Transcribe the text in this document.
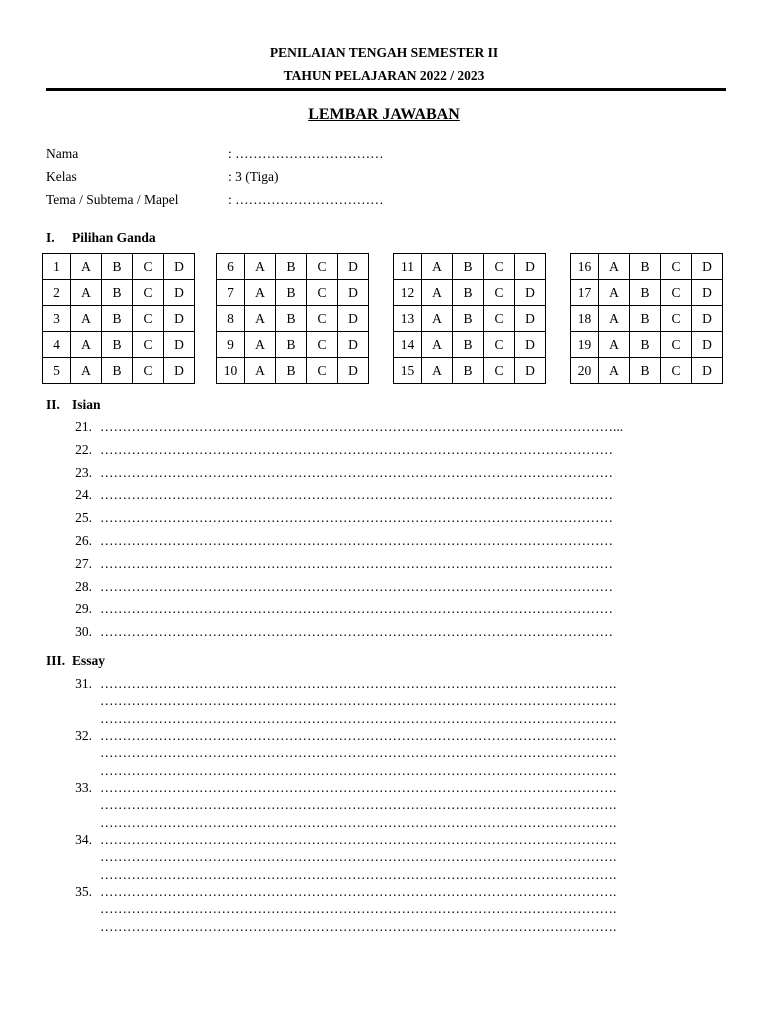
PENILAIAN TENGAH SEMESTER II
TAHUN PELAJARAN 2022 / 2023
LEMBAR JAWABAN
Nama	: ……………………………
Kelas	: 3 (Tiga)
Tema / Subtema / Mapel	: ……………………………
I. Pilihan Ganda
1	A	B	C	D
2	A	B	C	D
3	A	B	C	D
4	A	B	C	D
5	A	B	C	D
6	A	B	C	D
7	A	B	C	D
8	A	B	C	D
9	A	B	C	D
10	A	B	C	D
11	A	B	C	D
12	A	B	C	D
13	A	B	C	D
14	A	B	C	D
15	A	B	C	D
16	A	B	C	D
17	A	B	C	D
18	A	B	C	D
19	A	B	C	D
20	A	B	C	D
II. Isian
21. ……………………………………………………………………………………………………...
22. ……………………………………………………………………………………………………
23. ……………………………………………………………………………………………………
24. ……………………………………………………………………………………………………
25. ……………………………………………………………………………………………………
26. ……………………………………………………………………………………………………
27. ……………………………………………………………………………………………………
28. ……………………………………………………………………………………………………
29. ……………………………………………………………………………………………………
30. ……………………………………………………………………………………………………
III. Essay
31. …………………………………………………………………………………………………….
…………………………………………………………………………………………………….
…………………………………………………………………………………………………….
32. …………………………………………………………………………………………………….
…………………………………………………………………………………………………….
…………………………………………………………………………………………………….
33. …………………………………………………………………………………………………….
…………………………………………………………………………………………………….
…………………………………………………………………………………………………….
34. …………………………………………………………………………………………………….
…………………………………………………………………………………………………….
…………………………………………………………………………………………………….
35. …………………………………………………………………………………………………….
…………………………………………………………………………………………………….
…………………………………………………………………………………………………….
